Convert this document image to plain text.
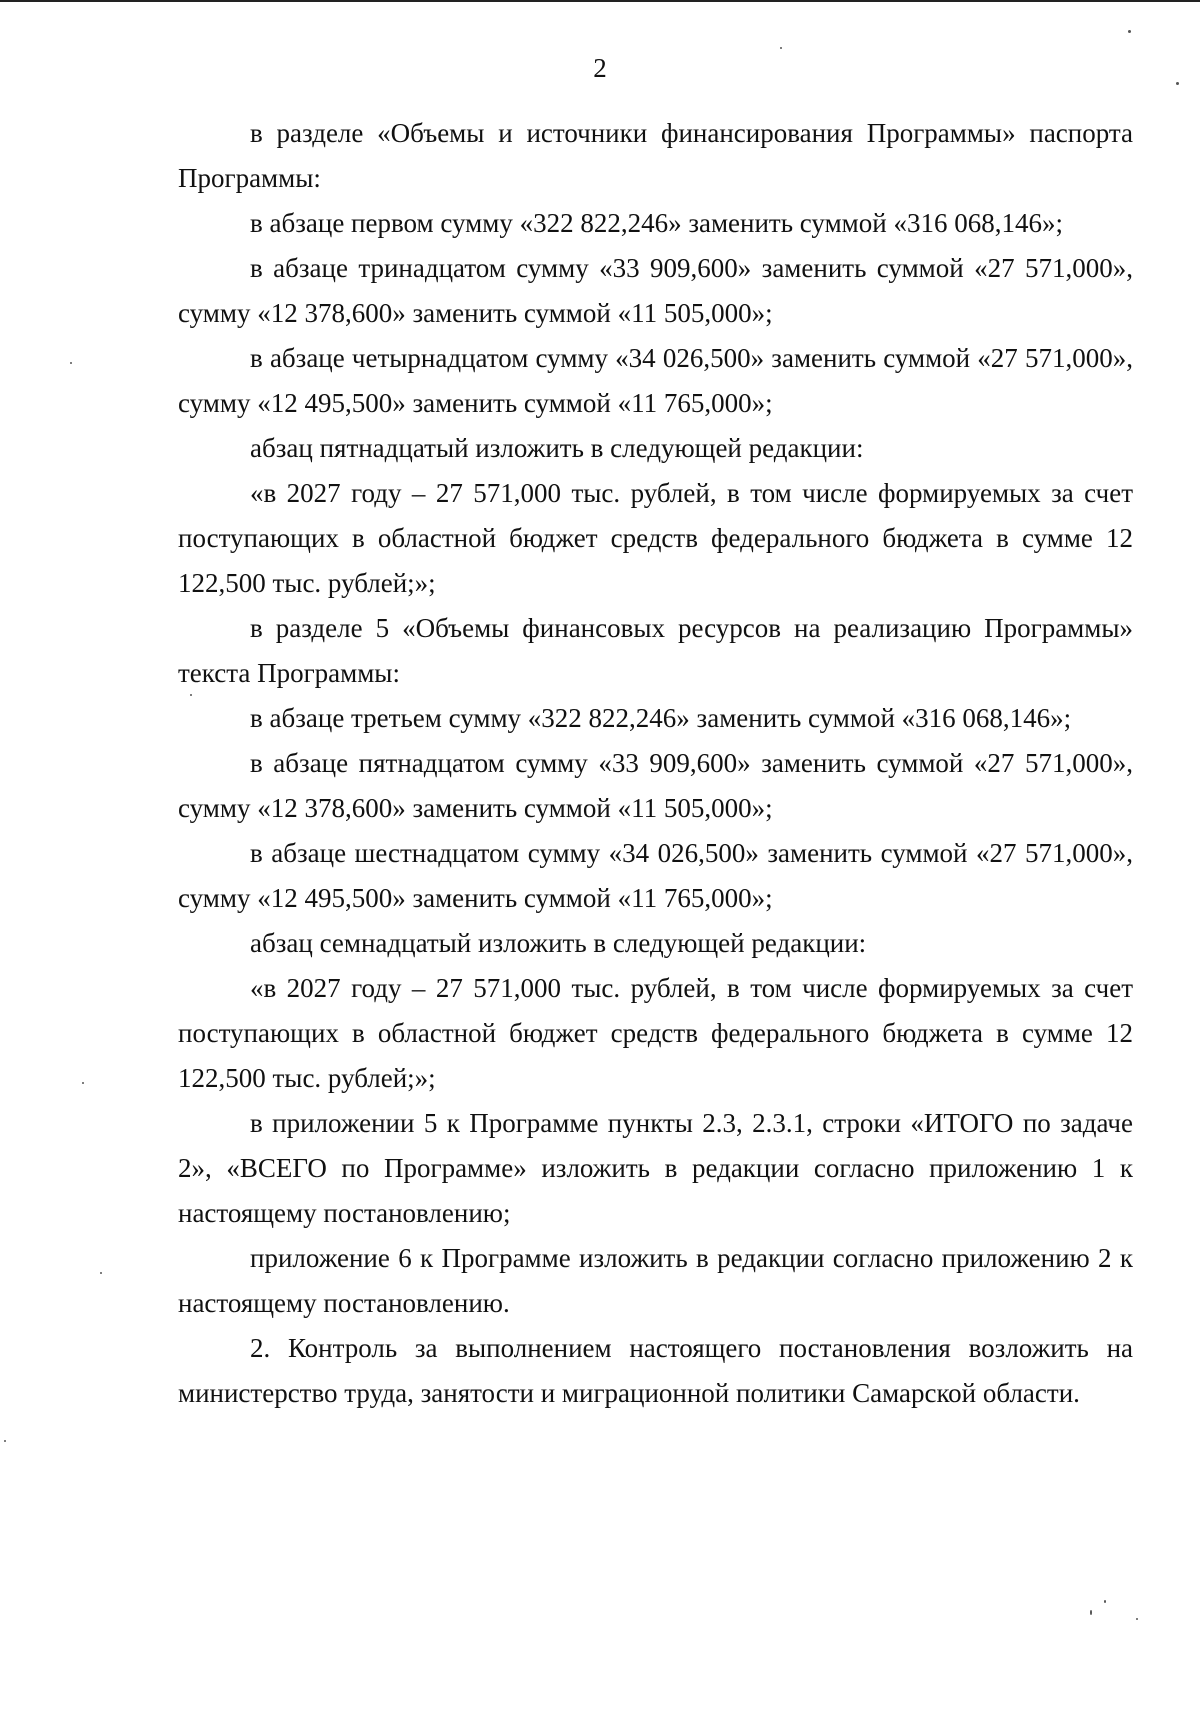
2

в разделе «Объемы и источники финансирования Программы» паспорта Программы:

в абзаце первом сумму «322 822,246» заменить суммой «316 068,146»;

в абзаце тринадцатом сумму «33 909,600» заменить суммой «27 571,000», сумму «12 378,600» заменить суммой «11 505,000»;

в абзаце четырнадцатом сумму «34 026,500» заменить суммой «27 571,000», сумму «12 495,500» заменить суммой «11 765,000»;

абзац пятнадцатый изложить в следующей редакции:

«в 2027 году – 27 571,000 тыс. рублей, в том числе формируемых за счет поступающих в областной бюджет средств федерального бюджета в сумме 12 122,500 тыс. рублей;»;

в разделе 5 «Объемы финансовых ресурсов на реализацию Программы» текста Программы:

в абзаце третьем сумму «322 822,246» заменить суммой «316 068,146»;

в абзаце пятнадцатом сумму «33 909,600» заменить суммой «27 571,000», сумму «12 378,600» заменить суммой «11 505,000»;

в абзаце шестнадцатом сумму «34 026,500» заменить суммой «27 571,000», сумму «12 495,500» заменить суммой «11 765,000»;

абзац семнадцатый изложить в следующей редакции:

«в 2027 году – 27 571,000 тыс. рублей, в том числе формируемых за счет поступающих в областной бюджет средств федерального бюджета в сумме 12 122,500 тыс. рублей;»;

в приложении 5 к Программе пункты 2.3, 2.3.1, строки «ИТОГО по задаче 2», «ВСЕГО по Программе» изложить в редакции согласно приложению 1 к настоящему постановлению;

приложение 6 к Программе изложить в редакции согласно приложению 2 к настоящему постановлению.

2. Контроль за выполнением настоящего постановления возложить на министерство труда, занятости и миграционной политики Самарской области.
